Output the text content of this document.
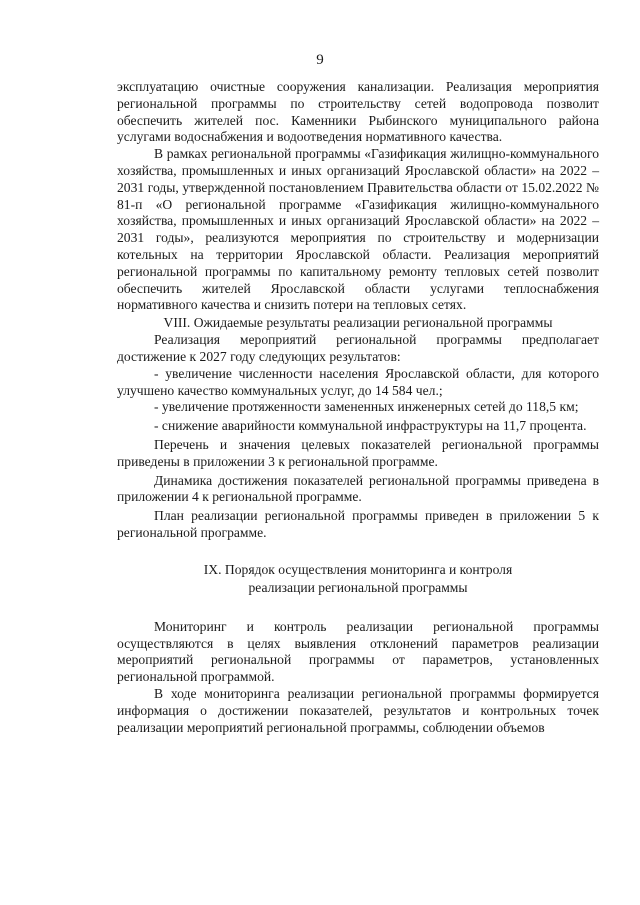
9

эксплуатацию очистные сооружения канализации. Реализация мероприятия региональной программы по строительству сетей водопровода позволит обеспечить жителей пос. Каменники Рыбинского муниципального района услугами водоснабжения и водоотведения нормативного качества.

В рамках региональной программы «Газификация жилищно-коммунального хозяйства, промышленных и иных организаций Ярославской области» на 2022 – 2031 годы, утвержденной постановлением Правительства области от 15.02.2022 № 81-п «О региональной программе «Газификация жилищно-коммунального хозяйства, промышленных и иных организаций Ярославской области» на 2022 – 2031 годы», реализуются мероприятия по строительству и модернизации котельных на территории Ярославской области. Реализация мероприятий региональной программы по капитальному ремонту тепловых сетей позволит обеспечить жителей Ярославской области услугами теплоснабжения нормативного качества и снизить потери на тепловых сетях.

VIII. Ожидаемые результаты реализации региональной программы

Реализация мероприятий региональной программы предполагает достижение к 2027 году следующих результатов:

- увеличение численности населения Ярославской области, для которого улучшено качество коммунальных услуг, до 14 584 чел.;

- увеличение протяженности замененных инженерных сетей до 118,5 км;

- снижение аварийности коммунальной инфраструктуры на 11,7 процента.

Перечень и значения целевых показателей региональной программы приведены в приложении 3 к региональной программе.

Динамика достижения показателей региональной программы приведена в приложении 4 к региональной программе.

План реализации региональной программы приведен в приложении 5 к региональной программе.

IX. Порядок осуществления мониторинга и контроля
реализации региональной программы

Мониторинг и контроль реализации региональной программы осуществляются в целях выявления отклонений параметров реализации мероприятий региональной программы от параметров, установленных региональной программой.

В ходе мониторинга реализации региональной программы формируется информация о достижении показателей, результатов и контрольных точек реализации мероприятий региональной программы, соблюдении объемов
